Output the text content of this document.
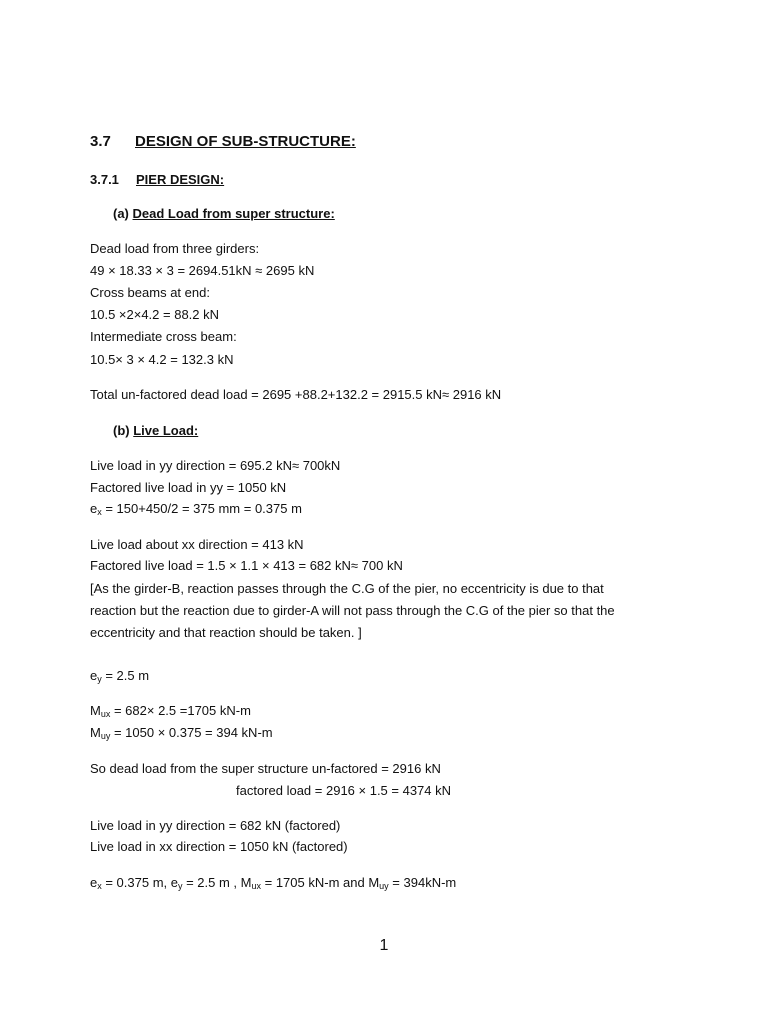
3.7 DESIGN OF SUB-STRUCTURE:
3.7.1 PIER DESIGN:
(a) Dead Load from super structure:
Dead load from three girders:
49 × 18.33 × 3 = 2694.51kN ≈ 2695 kN
Cross beams at end:
10.5 ×2×4.2 = 88.2 kN
Intermediate cross beam:
10.5× 3 × 4.2 = 132.3 kN
Total un-factored dead load = 2695 +88.2+132.2 = 2915.5 kN≈ 2916 kN
(b) Live Load:
Live load in yy direction = 695.2 kN≈ 700kN
Factored live load in yy = 1050 kN
$e_x = 150+450/2 = 375$ mm = 0.375 m
Live load about xx direction = 413 kN
Factored live load = 1.5 × 1.1 × 413 = 682 kN≈ 700 kN
[As the girder-B, reaction passes through the C.G of the pier, no eccentricity is due to that
reaction but the reaction due to girder-A will not pass through the C.G of the pier so that the
eccentricity and that reaction should be taken. ]
$e_y = 2.5$ m
$M_{ux} = 682\times 2.5 =1705$ kN-m
$M_{uy} = 1050 \times 0.375 = 394$ kN-m
So dead load from the super structure un-factored = 2916 kN
factored load = 2916 × 1.5 = 4374 kN
Live load in yy direction = 682 kN (factored)
Live load in xx direction = 1050 kN (factored)
$e_x = 0.375$ m, $e_y = 2.5$ m , $M_{ux} = 1705$ kN-m and $M_{uy} = 394kN-m$
1
